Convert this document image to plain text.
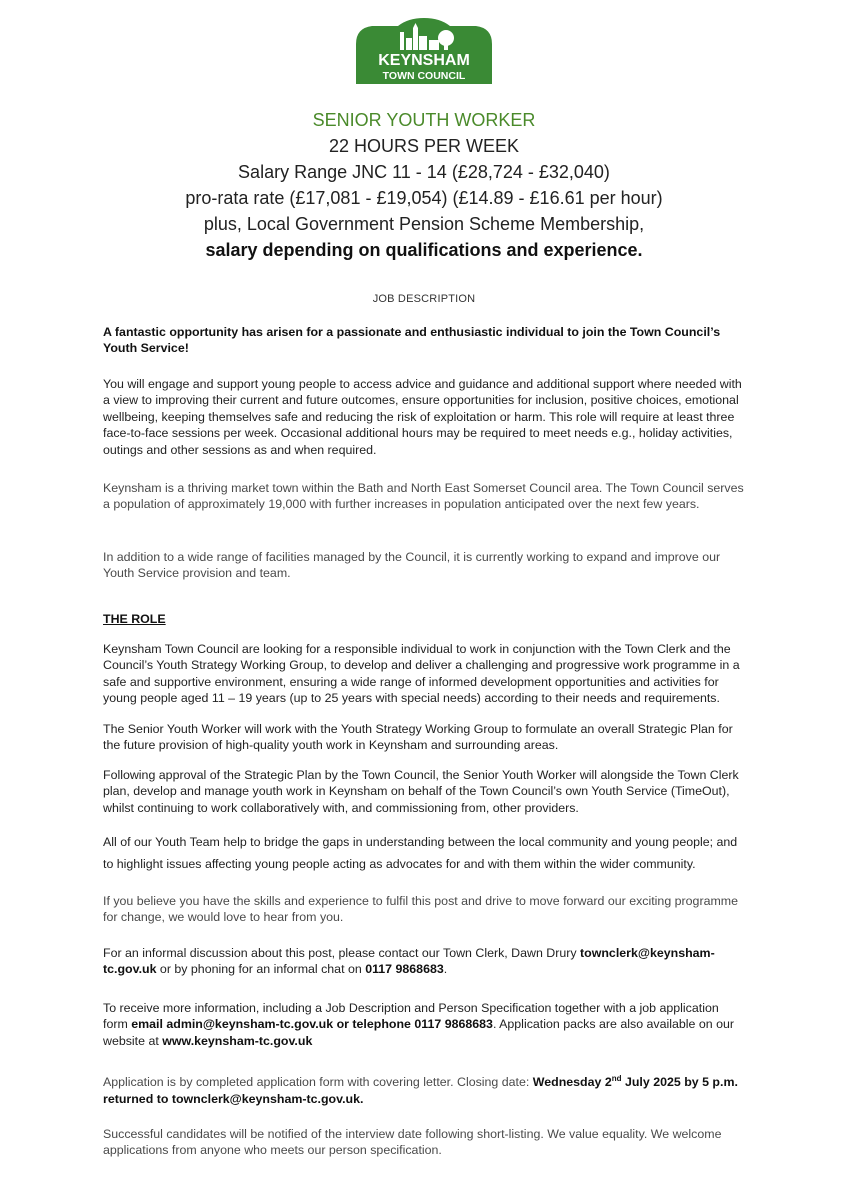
KEYNSHAM
TOWN COUNCIL
SENIOR YOUTH WORKER
22 HOURS PER WEEK
Salary Range JNC 11 - 14 (£28,724 - £32,040)
pro-rata rate (£17,081 - £19,054) (£14.89 - £16.61 per hour)
plus, Local Government Pension Scheme Membership,
salary depending on qualifications and experience.
JOB DESCRIPTION
A fantastic opportunity has arisen for a passionate and enthusiastic individual to join the Town Council’s Youth Service!
You will engage and support young people to access advice and guidance and additional support where needed with a view to improving their current and future outcomes, ensure opportunities for inclusion, positive choices, emotional wellbeing, keeping themselves safe and reducing the risk of exploitation or harm. This role will require at least three face-to-face sessions per week. Occasional additional hours may be required to meet needs e.g., holiday activities, outings and other sessions as and when required.
Keynsham is a thriving market town within the Bath and North East Somerset Council area. The Town Council serves a population of approximately 19,000 with further increases in population anticipated over the next few years.
In addition to a wide range of facilities managed by the Council, it is currently working to expand and improve our Youth Service provision and team.
THE ROLE
Keynsham Town Council are looking for a responsible individual to work in conjunction with the Town Clerk and the Council’s Youth Strategy Working Group, to develop and deliver a challenging and progressive work programme in a safe and supportive environment, ensuring a wide range of informed development opportunities and activities for young people aged 11 – 19 years (up to 25 years with special needs) according to their needs and requirements.
The Senior Youth Worker will work with the Youth Strategy Working Group to formulate an overall Strategic Plan for the future provision of high-quality youth work in Keynsham and surrounding areas.
Following approval of the Strategic Plan by the Town Council, the Senior Youth Worker will alongside the Town Clerk plan, develop and manage youth work in Keynsham on behalf of the Town Council’s own Youth Service (TimeOut), whilst continuing to work collaboratively with, and commissioning from, other providers.
All of our Youth Team help to bridge the gaps in understanding between the local community and young people; and to highlight issues affecting young people acting as advocates for and with them within the wider community.
If you believe you have the skills and experience to fulfil this post and drive to move forward our exciting programme for change, we would love to hear from you.
For an informal discussion about this post, please contact our Town Clerk, Dawn Drury townclerk@keynsham-tc.gov.uk or by phoning for an informal chat on 0117 9868683.
To receive more information, including a Job Description and Person Specification together with a job application form email admin@keynsham-tc.gov.uk or telephone 0117 9868683. Application packs are also available on our website at www.keynsham-tc.gov.uk
Application is by completed application form with covering letter. Closing date: Wednesday 2nd July 2025 by 5 p.m. returned to townclerk@keynsham-tc.gov.uk.
Successful candidates will be notified of the interview date following short-listing. We value equality. We welcome applications from anyone who meets our person specification.
